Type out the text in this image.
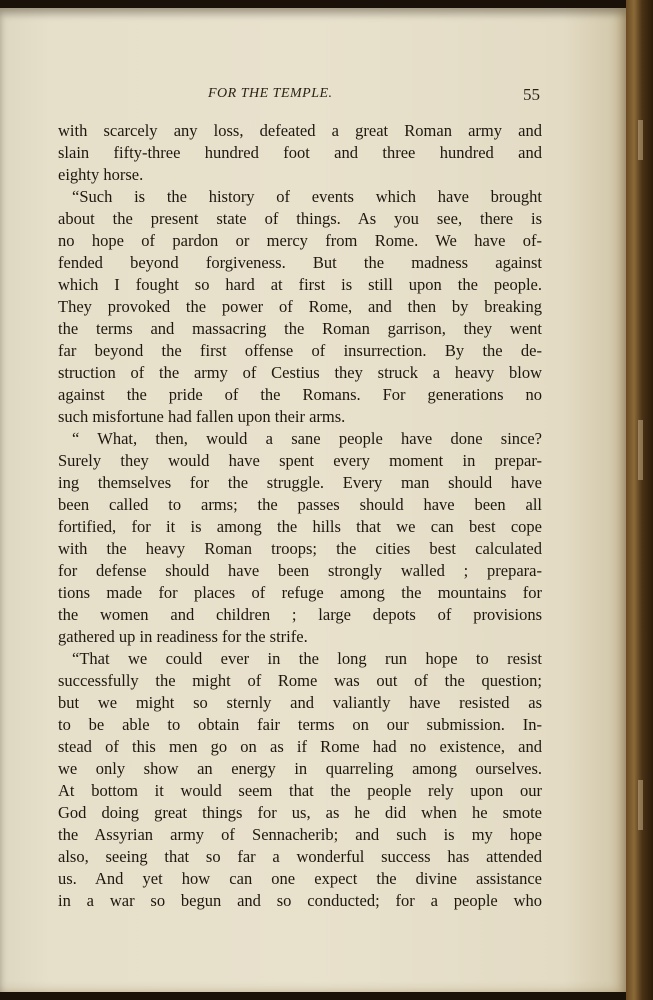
FOR THE TEMPLE.	55
with scarcely any loss, defeated a great Roman army and
slain fifty-three hundred foot and three hundred and
eighty horse.
“Such is the history of events which have brought
about the present state of things. As you see, there is
no hope of pardon or mercy from Rome. We have of-
fended beyond forgiveness. But the madness against
which I fought so hard at first is still upon the people.
They provoked the power of Rome, and then by breaking
the terms and massacring the Roman garrison, they went
far beyond the first offense of insurrection. By the de-
struction of the army of Cestius they struck a heavy blow
against the pride of the Romans. For generations no
such misfortune had fallen upon their arms.
“ What, then, would a sane people have done since?
Surely they would have spent every moment in prepar-
ing themselves for the struggle. Every man should have
been called to arms; the passes should have been all
fortified, for it is among the hills that we can best cope
with the heavy Roman troops; the cities best calculated
for defense should have been strongly walled ; prepara-
tions made for places of refuge among the mountains for
the women and children ; large depots of provisions
gathered up in readiness for the strife.
“That we could ever in the long run hope to resist
successfully the might of Rome was out of the question;
but we might so sternly and valiantly have resisted as
to be able to obtain fair terms on our submission. In-
stead of this men go on as if Rome had no existence, and
we only show an energy in quarreling among ourselves.
At bottom it would seem that the people rely upon our
God doing great things for us, as he did when he smote
the Assyrian army of Sennacherib; and such is my hope
also, seeing that so far a wonderful success has attended
us. And yet how can one expect the divine assistance
in a war so begun and so conducted; for a people who
